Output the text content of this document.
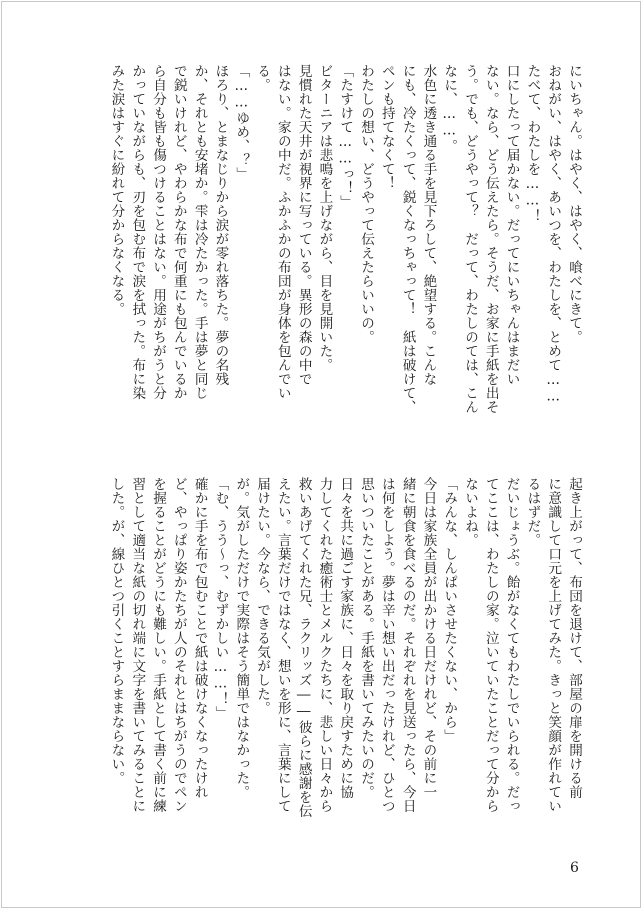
にいちゃん。はやく、はやく、喰べにきて。
おねがい、はやく、あいつを、わたしを、とめて……
たべて、わたしを……！
口にしたって届かない。だってにいちゃんはまだい
ない。なら、どう伝えたら。そうだ、お家に手紙を出そ
う。でも、どうやって？　だって、わたしのては、こん
なに、……。
水色に透き通る手を見下ろして、絶望する。こんな
にも、冷たくって、鋭くなっちゃって！　紙は破けて、
ペンも持てなくて！
わたしの想い、どうやって伝えたらいいの。
「たすけて……っ！」
ビターニアは悲鳴を上げながら、目を見開いた。
見慣れた天井が視界に写っている。異形の森の中で
はない。家の中だ。ふかふかの布団が身体を包んでい
る。
「……ゆめ、？」
ほろり、とまなじりから涙が零れ落ちた。夢の名残
か、それとも安堵か。雫は冷たかった。手は夢と同じ
で鋭いけれど、やわらかな布で何重にも包んでいるか
ら自分も皆も傷つけることはない。用途がちがうと分
かっていながらも、刃を包む布で涙を拭った。布に染
みた涙はすぐに紛れて分からなくなる。
起き上がって、布団を退けて、部屋の扉を開ける前
に意識して口元を上げてみた。きっと笑顔が作れてい
るはずだ。
だいじょうぶ。飴がなくてもわたしでいられる。だっ
てここは、わたしの家。泣いていたことだって分から
ないよね。
「みんな、しんぱいさせたくない、から」
今日は家族全員が出かける日だけれど、その前に一
緒に朝食を食べるのだ。それぞれを見送ったら、今日
は何をしよう。夢は辛い想い出だったけれど、ひとつ
思いついたことがある。手紙を書いてみたいのだ。
日々を共に過ごす家族に、日々を取り戻すために協
力してくれた癒術士とメルクたちに、悲しい日々から
救いあげてくれた兄、ラクリッズ――彼らに感謝を伝
えたい。言葉だけではなく、想いを形に、言葉にして
届けたい。今なら、できる気がした。
が。気がしただけで実際はそう簡単ではなかった。
「む、うう～っ、むずかしい……！」
確かに手を布で包むことで紙は破けなくなったけれ
ど、やっぱり姿かたちが人のそれとはちがうのでペン
を握ることがどうにも難しい。手紙として書く前に練
習として適当な紙の切れ端に文字を書いてみることに
した。が、線ひとつ引くことすらままならない。
6
